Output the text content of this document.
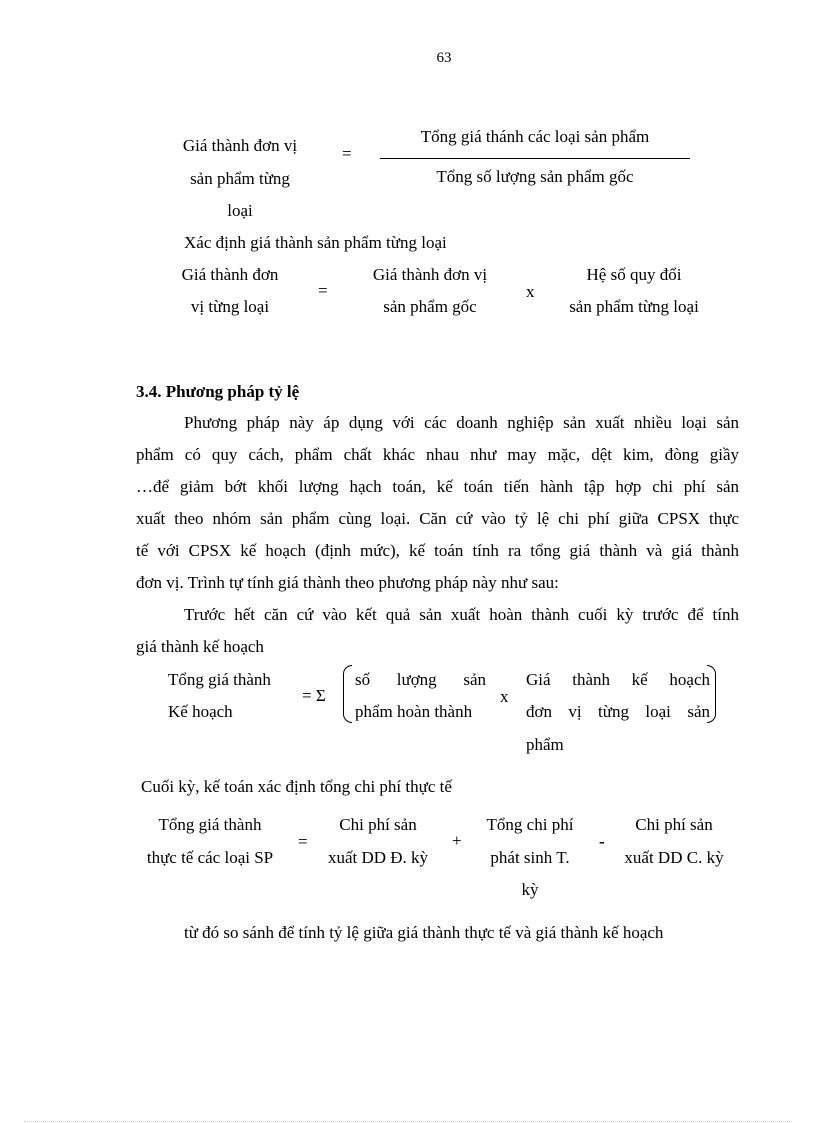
63
Giá thành đơn vị
sản phẩm từng
loại
=
Tổng giá thánh các loại sản phẩm
Tổng số lượng sản phẩm gốc
Xác định giá thành sản phẩm từng loại
Giá thành đơn
vị từng loại
=
Giá thành đơn vị
sản phẩm gốc
x
Hệ số quy đổi
sản phẩm từng loại
3.4. Phương pháp tỷ lệ
Phương pháp này áp dụng với các doanh nghiệp sản xuất nhiều loại sản
phẩm có quy cách, phẩm chất khác nhau như may mặc, dệt kim, đòng giầy
…để giảm bớt khối lượng hạch toán, kế toán tiến hành tập hợp chi phí sản
xuất theo nhóm sản phẩm cùng loại. Căn cứ vào tỷ lệ chi phí giữa CPSX thực
tế với CPSX kế hoạch (định mức), kế toán tính ra tổng giá thành và giá thành
đơn vị. Trình tự tính giá thành theo phương pháp này như sau:
Trước hết căn cứ vào kết quả sản xuất hoàn thành cuối kỳ trước để tính
giá thành kế hoạch
Tổng giá thành
Kế hoạch
= Σ
số lượng sản
phẩm hoàn thành
x
Giá thành kế hoạch
đơn vị từng loại sản
phẩm
Cuối kỳ, kế toán xác định tổng chi phí thực tế
Tổng giá thành
thực tế các loại SP
=
Chi phí sản
xuất DD Đ. kỳ
+
Tổng chi phí
phát sinh T.
kỳ
-
Chi phí sản
xuất DD C. kỳ
từ đó so sánh để tính tỷ lệ giữa giá thành thực tế và giá thành kế hoạch
